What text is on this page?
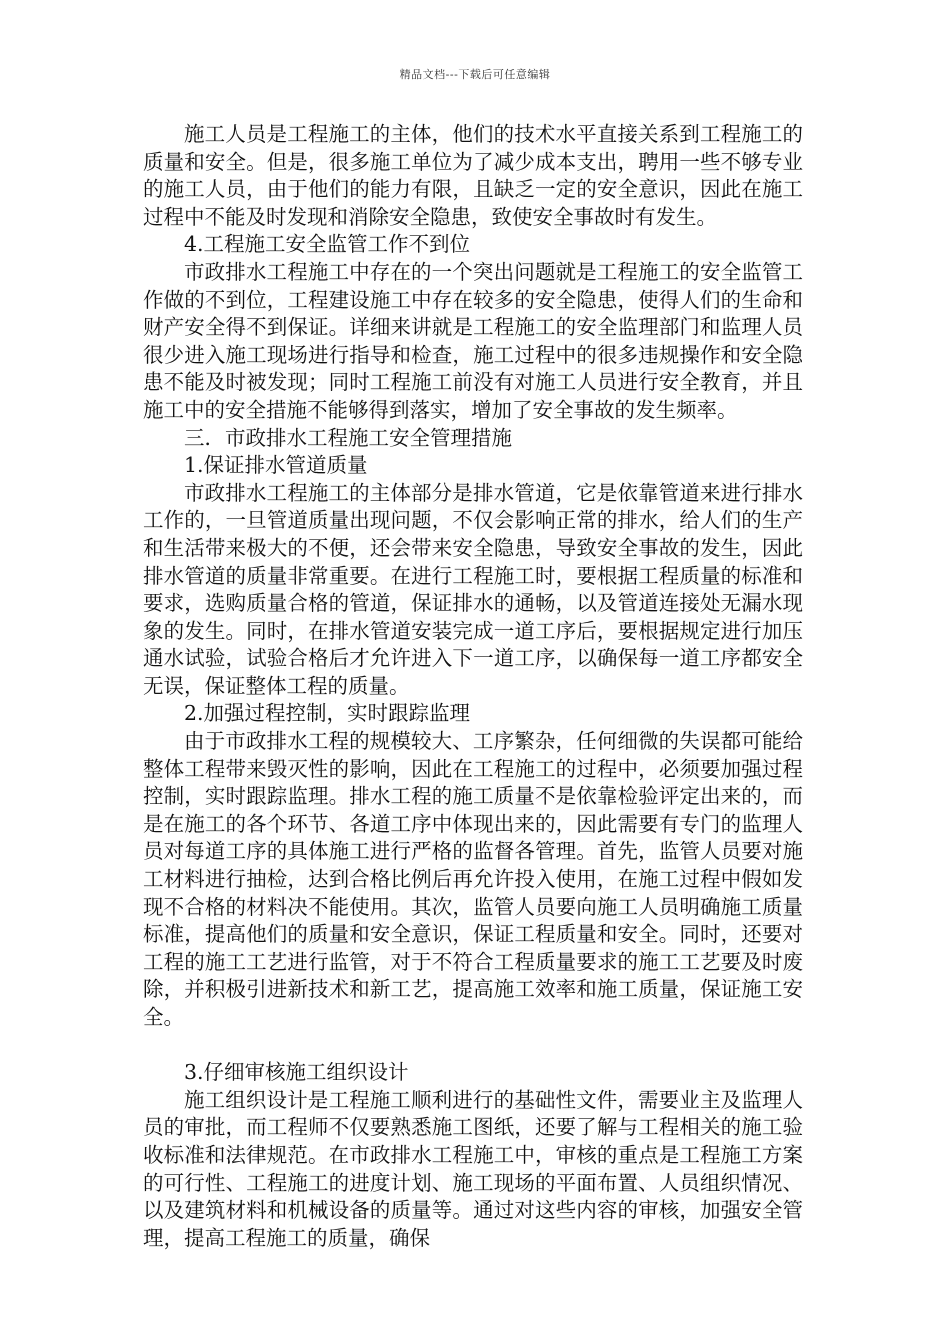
精品文档---下载后可任意编辑

施工人员是工程施工的主体，他们的技术水平直接关系到工程施工的质量和安全。但是，很多施工单位为了减少成本支出，聘用一些不够专业的施工人员，由于他们的能力有限，且缺乏一定的安全意识，因此在施工过程中不能及时发现和消除安全隐患，致使安全事故时有发生。

4.工程施工安全监管工作不到位

市政排水工程施工中存在的一个突出问题就是工程施工的安全监管工作做的不到位，工程建设施工中存在较多的安全隐患，使得人们的生命和财产安全得不到保证。详细来讲就是工程施工的安全监理部门和监理人员很少进入施工现场进行指导和检查，施工过程中的很多违规操作和安全隐患不能及时被发现；同时工程施工前没有对施工人员进行安全教育，并且施工中的安全措施不能够得到落实，增加了安全事故的发生频率。

三．市政排水工程施工安全管理措施

1.保证排水管道质量

市政排水工程施工的主体部分是排水管道，它是依靠管道来进行排水工作的，一旦管道质量出现问题，不仅会影响正常的排水，给人们的生产和生活带来极大的不便，还会带来安全隐患，导致安全事故的发生，因此排水管道的质量非常重要。在进行工程施工时，要根据工程质量的标准和要求，选购质量合格的管道，保证排水的通畅，以及管道连接处无漏水现象的发生。同时，在排水管道安装完成一道工序后，要根据规定进行加压通水试验，试验合格后才允许进入下一道工序，以确保每一道工序都安全无误，保证整体工程的质量。

2.加强过程控制，实时跟踪监理

由于市政排水工程的规模较大、工序繁杂，任何细微的失误都可能给整体工程带来毁灭性的影响，因此在工程施工的过程中，必须要加强过程控制，实时跟踪监理。排水工程的施工质量不是依靠检验评定出来的，而是在施工的各个环节、各道工序中体现出来的，因此需要有专门的监理人员对每道工序的具体施工进行严格的监督各管理。首先，监管人员要对施工材料进行抽检，达到合格比例后再允许投入使用，在施工过程中假如发现不合格的材料决不能使用。其次，监管人员要向施工人员明确施工质量标准，提高他们的质量和安全意识，保证工程质量和安全。同时，还要对工程的施工工艺进行监管，对于不符合工程质量要求的施工工艺要及时废除，并积极引进新技术和新工艺，提高施工效率和施工质量，保证施工安全。

3.仔细审核施工组织设计

施工组织设计是工程施工顺利进行的基础性文件，需要业主及监理人员的审批，而工程师不仅要熟悉施工图纸，还要了解与工程相关的施工验收标准和法律规范。在市政排水工程施工中，审核的重点是工程施工方案的可行性、工程施工的进度计划、施工现场的平面布置、人员组织情况、以及建筑材料和机械设备的质量等。通过对这些内容的审核，加强安全管理，提高工程施工的质量，确保
